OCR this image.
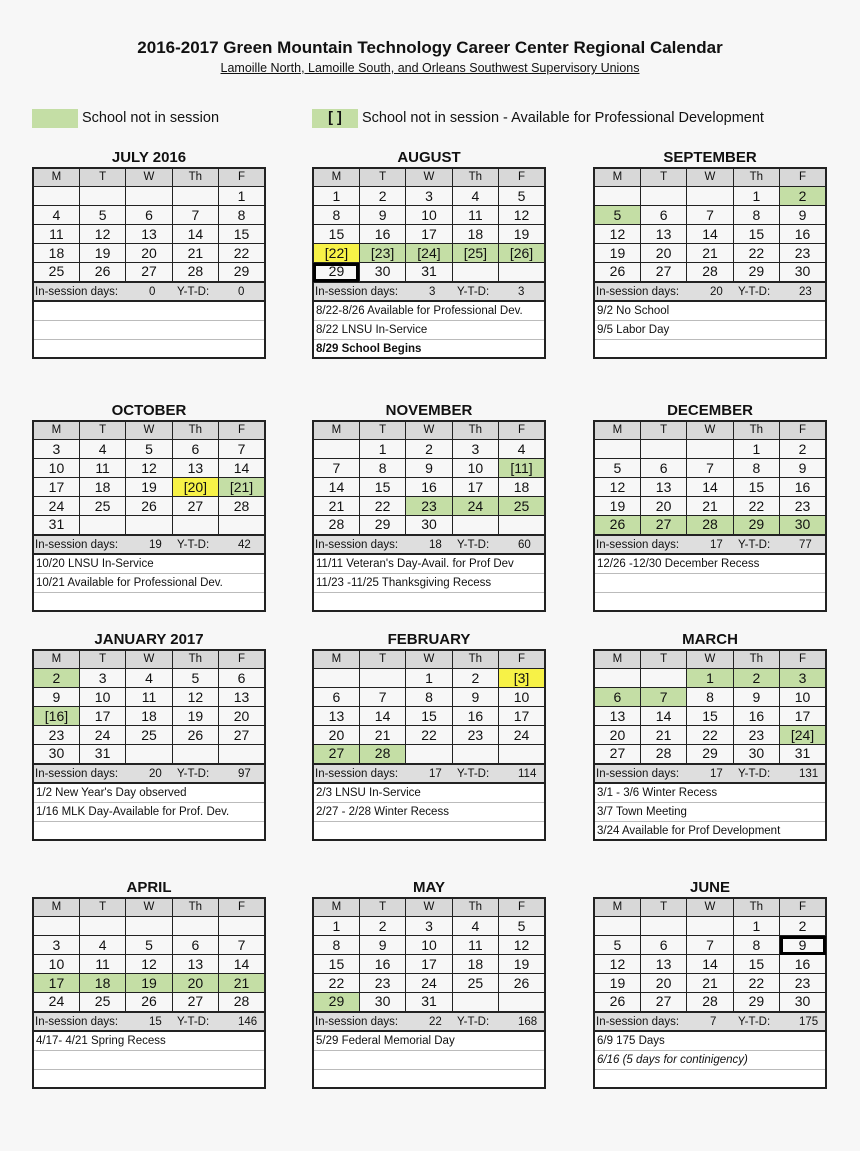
2016-2017 Green Mountain Technology Career Center Regional Calendar
Lamoille North, Lamoille South, and Orleans Southwest Supervisory Unions
School not in session	[ ]	School not in session - Available for Professional Development
JULY 2016
M	T	W	Th	F
				1
4	5	6	7	8
11	12	13	14	15
18	19	20	21	22
25	26	27	28	29
In-session days:	0 Y-T-D:	0
AUGUST
M	T	W	Th	F
1	2	3	4	5
8	9	10	11	12
15	16	17	18	19
[22]	[23]	[24]	[25]	[26]
29	30	31		
In-session days:	3 Y-T-D:	3
8/22-8/26 Available for Professional Dev.
8/22 LNSU In-Service
8/29 School Begins
SEPTEMBER
M	T	W	Th	F
			1	2
5	6	7	8	9
12	13	14	15	16
19	20	21	22	23
26	27	28	29	30
In-session days:	20 Y-T-D:	23
9/2 No School
9/5 Labor Day
OCTOBER
M	T	W	Th	F
3	4	5	6	7
10	11	12	13	14
17	18	19	[20]	[21]
24	25	26	27	28
31				
In-session days:	19 Y-T-D:	42
10/20 LNSU In-Service
10/21 Available for Professional Dev.
NOVEMBER
M	T	W	Th	F
	1	2	3	4
7	8	9	10	[11]
14	15	16	17	18
21	22	23	24	25
28	29	30		
In-session days:	18 Y-T-D:	60
11/11 Veteran's Day-Avail. for Prof Dev
11/23 -11/25 Thanksgiving Recess
DECEMBER
M	T	W	Th	F
			1	2
5	6	7	8	9
12	13	14	15	16
19	20	21	22	23
26	27	28	29	30
In-session days:	17 Y-T-D:	77
12/26 -12/30 December Recess
JANUARY 2017
M	T	W	Th	F
2	3	4	5	6
9	10	11	12	13
[16]	17	18	19	20
23	24	25	26	27
30	31			
In-session days:	20 Y-T-D:	97
1/2 New Year's Day observed
1/16 MLK Day-Available for Prof. Dev.
FEBRUARY
M	T	W	Th	F
		1	2	[3]
6	7	8	9	10
13	14	15	16	17
20	21	22	23	24
27	28			
In-session days:	17 Y-T-D:	114
2/3 LNSU In-Service
2/27 - 2/28 Winter Recess
MARCH
M	T	W	Th	F
		1	2	3
6	7	8	9	10
13	14	15	16	17
20	21	22	23	[24]
27	28	29	30	31
In-session days:	17 Y-T-D:	131
3/1 - 3/6 Winter Recess
3/7 Town Meeting
3/24 Available for Prof Development
APRIL
M	T	W	Th	F

3	4	5	6	7
10	11	12	13	14
17	18	19	20	21
24	25	26	27	28
In-session days:	15 Y-T-D:	146
4/17- 4/21 Spring Recess
MAY
M	T	W	Th	F
1	2	3	4	5
8	9	10	11	12
15	16	17	18	19
22	23	24	25	26
29	30	31		
In-session days:	22 Y-T-D:	168
5/29 Federal Memorial Day
JUNE
M	T	W	Th	F
			1	2
5	6	7	8	9
12	13	14	15	16
19	20	21	22	23
26	27	28	29	30
In-session days:	7 Y-T-D:	175
6/9 175 Days
6/16 (5 days for continigency)
